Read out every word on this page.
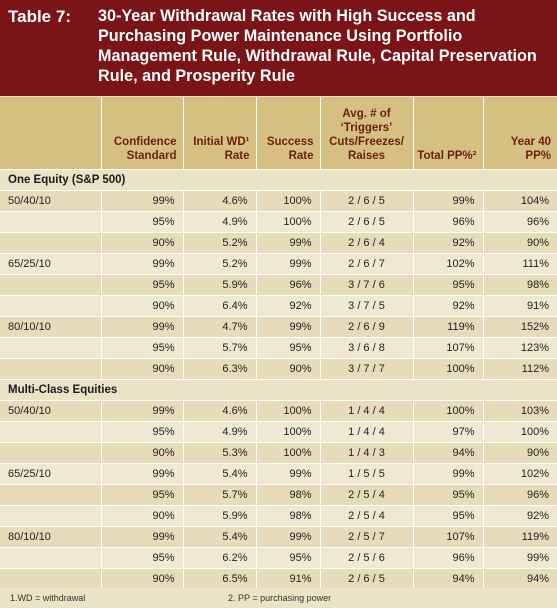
Table 7: 30-Year Withdrawal Rates with High Success and Purchasing Power Maintenance Using Portfolio Management Rule, Withdrawal Rule, Capital Preservation Rule, and Prosperity Rule
	Confidence Standard	Initial WD¹ Rate	Success Rate	Avg. # of ‘Triggers’ Cuts/Freezes/ Raises	Total PP%²	Year 40 PP%
One Equity (S&P 500)						
50/40/10	99%	4.6%	100%	2 / 6 / 5	99%	104%
	95%	4.9%	100%	2 / 6 / 5	96%	96%
	90%	5.2%	99%	2 / 6 / 4	92%	90%
65/25/10	99%	5.2%	99%	2 / 6 / 7	102%	111%
	95%	5.9%	96%	3 / 7 / 6	95%	98%
	90%	6.4%	92%	3 / 7 / 5	92%	91%
80/10/10	99%	4.7%	99%	2 / 6 / 9	119%	152%
	95%	5.7%	95%	3 / 6 / 8	107%	123%
	90%	6.3%	90%	3 / 7 / 7	100%	112%
Multi-Class Equities						
50/40/10	99%	4.6%	100%	1 / 4 / 4	100%	103%
	95%	4.9%	100%	1 / 4 / 4	97%	100%
	90%	5.3%	100%	1 / 4 / 3	94%	90%
65/25/10	99%	5.4%	99%	1 / 5 / 5	99%	102%
	95%	5.7%	98%	2 / 5 / 4	95%	96%
	90%	5.9%	98%	2 / 5 / 4	95%	92%
80/10/10	99%	5.4%	99%	2 / 5 / 7	107%	119%
	95%	6.2%	95%	2 / 5 / 6	96%	99%
	90%	6.5%	91%	2 / 6 / 5	94%	94%
1.WD = withdrawal	2. PP = purchasing power
